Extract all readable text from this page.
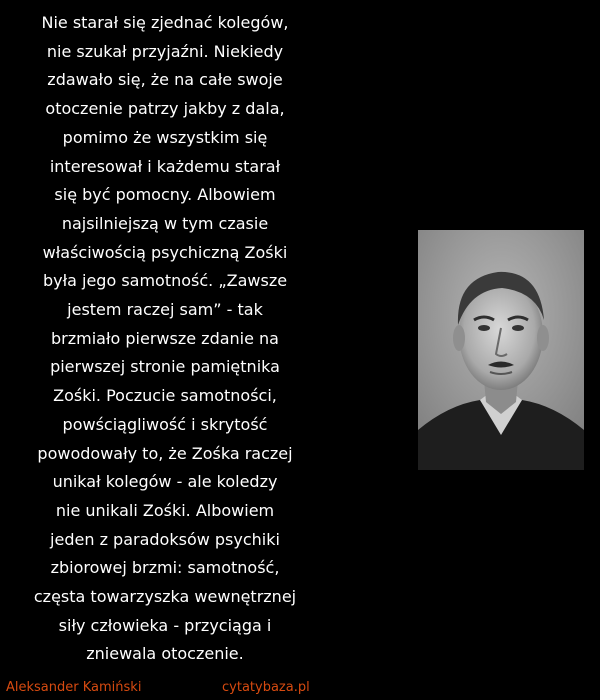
Nie starał się zjednać kolegów,
nie szukał przyjaźni. Niekiedy
zdawało się, że na całe swoje
otoczenie patrzy jakby z dala,
pomimo że wszystkim się
interesował i każdemu starał
się być pomocny. Albowiem
najsilniejszą w tym czasie
właściwością psychiczną Zośki
była jego samotność. „Zawsze
jestem raczej sam” - tak
brzmiało pierwsze zdanie na
pierwszej stronie pamiętnika
Zośki. Poczucie samotności,
powściągliwość i skrytość
powodowały to, że Zośka raczej
unikał kolegów - ale koledzy
nie unikali Zośki. Albowiem
jeden z paradoksów psychiki
zbiorowej brzmi: samotność,
częsta towarzyszka wewnętrznej
siły człowieka - przyciąga i
zniewala otoczenie.
Aleksander Kamiński	cytatybaza.pl
